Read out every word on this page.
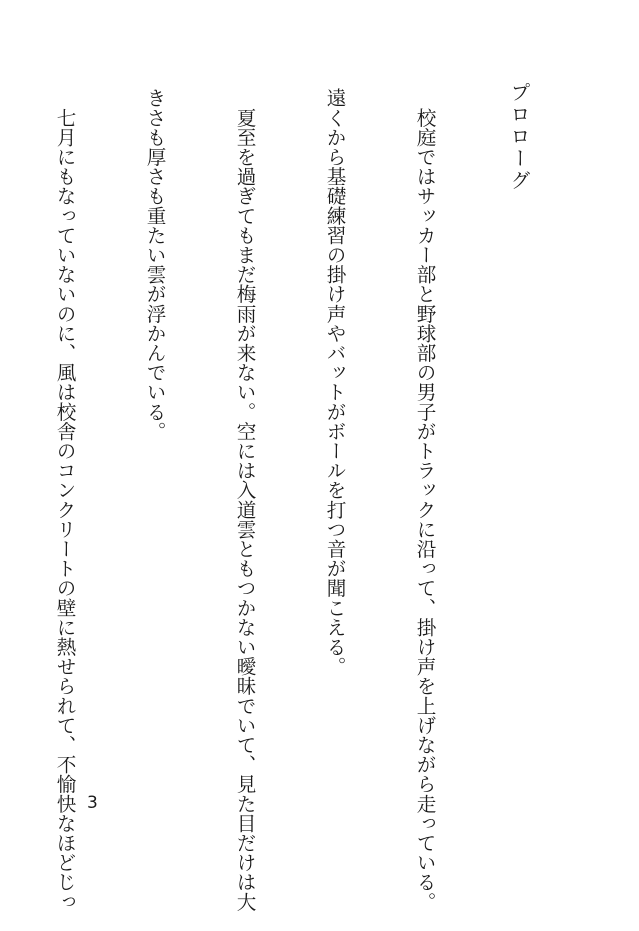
プロローグ

　校庭ではサッカー部と野球部の男子がトラックに沿って、掛け声を上げながら走っている。

遠くから基礎練習の掛け声やバットがボールを打つ音が聞こえる。

　夏至を過ぎてもまだ梅雨が来ない。空には入道雲ともつかない曖昧でいて、見た目だけは大

きさも厚さも重たい雲が浮かんでいる。

　七月にもなっていないのに、風は校舎のコンクリートの壁に熱せられて、不愉快なほどじっ

3
